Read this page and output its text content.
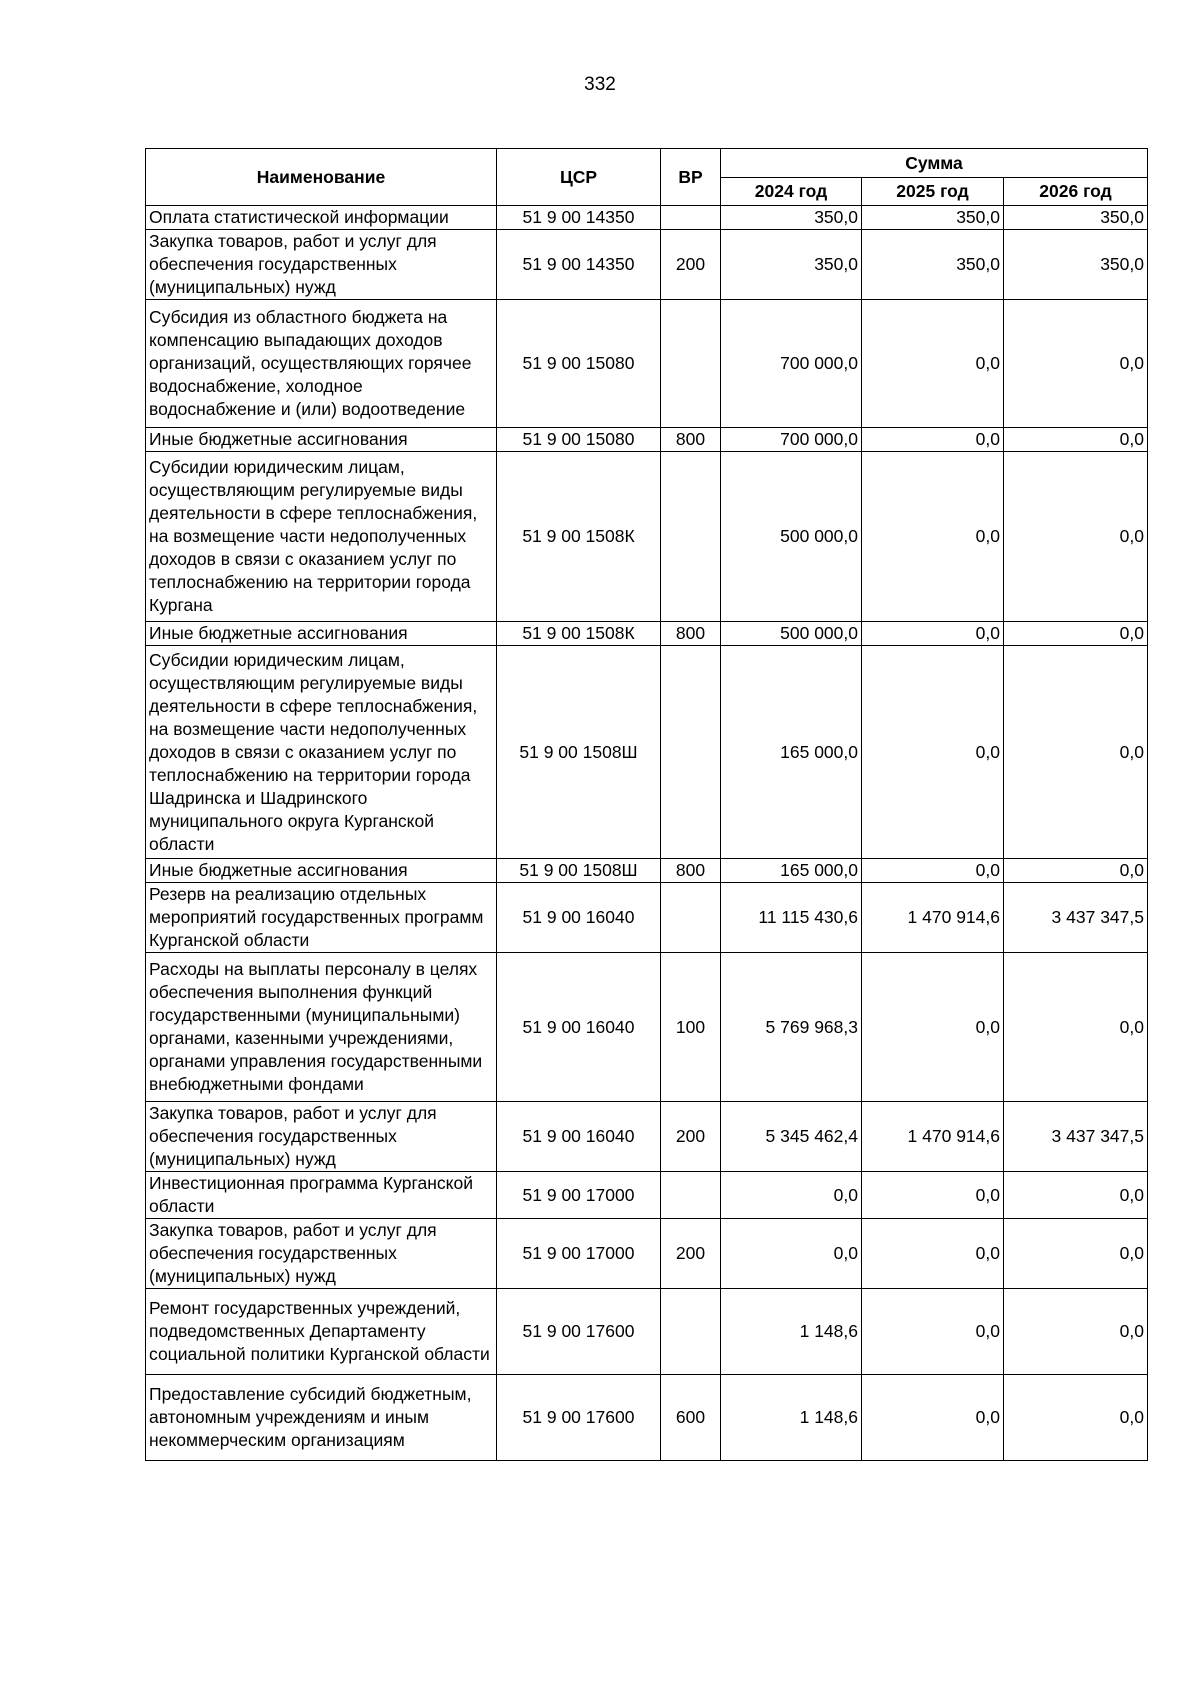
332
Наименование	ЦСР	ВР	Сумма		
			2024 год	2025 год	2026 год
Оплата статистической информации	51 9 00 14350		350,0	350,0	350,0
Закупка товаров, работ и услуг для обеспечения государственных (муниципальных) нужд	51 9 00 14350	200	350,0	350,0	350,0
Субсидия из областного бюджета на компенсацию выпадающих доходов организаций, осуществляющих горячее водоснабжение, холодное водоснабжение и (или) водоотведение	51 9 00 15080		700 000,0	0,0	0,0
Иные бюджетные ассигнования	51 9 00 15080	800	700 000,0	0,0	0,0
Субсидии юридическим лицам, осуществляющим регулируемые виды деятельности в сфере теплоснабжения, на возмещение части недополученных доходов в связи с оказанием услуг по теплоснабжению на территории города Кургана	51 9 00 1508К		500 000,0	0,0	0,0
Иные бюджетные ассигнования	51 9 00 1508К	800	500 000,0	0,0	0,0
Субсидии юридическим лицам, осуществляющим регулируемые виды деятельности в сфере теплоснабжения, на возмещение части недополученных доходов в связи с оказанием услуг по теплоснабжению на территории города Шадринска и Шадринского муниципального округа Курганской области	51 9 00 1508Ш		165 000,0	0,0	0,0
Иные бюджетные ассигнования	51 9 00 1508Ш	800	165 000,0	0,0	0,0
Резерв на реализацию отдельных мероприятий государственных программ Курганской области	51 9 00 16040		11 115 430,6	1 470 914,6	3 437 347,5
Расходы на выплаты персоналу в целях обеспечения выполнения функций государственными (муниципальными) органами, казенными учреждениями, органами управления государственными внебюджетными фондами	51 9 00 16040	100	5 769 968,3	0,0	0,0
Закупка товаров, работ и услуг для обеспечения государственных (муниципальных) нужд	51 9 00 16040	200	5 345 462,4	1 470 914,6	3 437 347,5
Инвестиционная программа Курганской области	51 9 00 17000		0,0	0,0	0,0
Закупка товаров, работ и услуг для обеспечения государственных (муниципальных) нужд	51 9 00 17000	200	0,0	0,0	0,0
Ремонт государственных учреждений, подведомственных Департаменту социальной политики Курганской области	51 9 00 17600		1 148,6	0,0	0,0
Предоставление субсидий бюджетным, автономным учреждениям и иным некоммерческим организациям	51 9 00 17600	600	1 148,6	0,0	0,0
